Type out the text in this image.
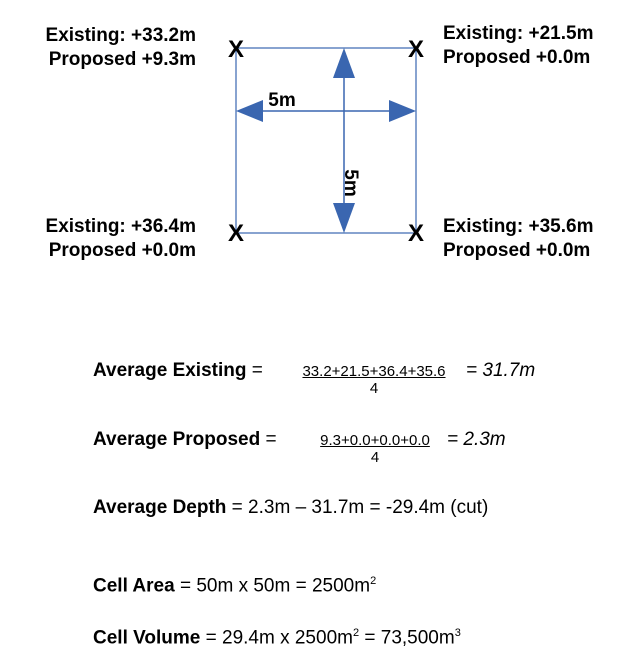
5m
5m
X	X
X	X
Existing: +33.2m
Proposed +9.3m
Existing: +21.5m
Proposed +0.0m
Existing: +36.4m
Proposed +0.0m
Existing: +35.6m
Proposed +0.0m
Average Existing = $\frac{33.2+21.5+36.4+35.6}{4} = 31.7m$
Average Proposed = $\frac{9.3+0.0+0.0+0.0}{4} = 2.3m$
Average Depth = 2.3m – 31.7m = -29.4m (cut)
Cell Area = 50m x $50m = 2500m^2$
Cell Volume = 29.4m x $2500m^2 = 73,500m^3$
